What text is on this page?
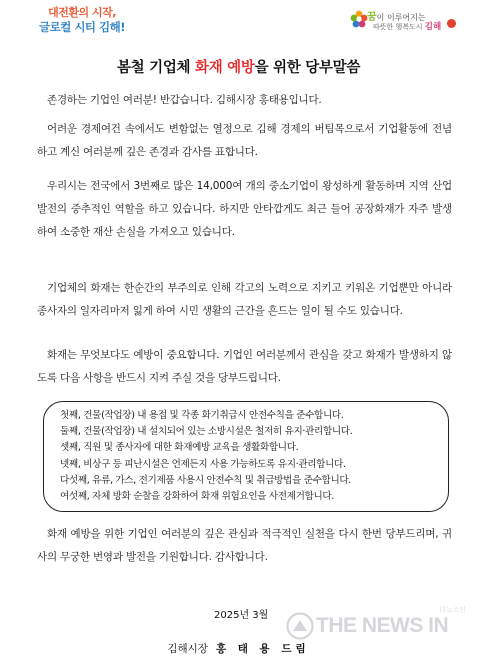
대전환의 시작,
글로컬 시티 김해!
꿈이 이루어지는
따뜻한 행복도시 김해
봄철 기업체 화재 예방을 위한 당부말씀

존경하는 기업인 여러분! 반갑습니다. 김해시장 홍태용입니다.

어려운 경제여건 속에서도 변함없는 열정으로 김해 경제의 버팀목으로서 기업활동에 전념하고 계신 여러분께 깊은 존경과 감사를 표합니다.

우리시는 전국에서 3번째로 많은 14,000여 개의 중소기업이 왕성하게 활동하며 지역 산업발전의 중추적인 역할을 하고 있습니다. 하지만 안타깝게도 최근 들어 공장화재가 자주 발생하여 소중한 재산 손실을 가져오고 있습니다.

기업체의 화재는 한순간의 부주의로 인해 각고의 노력으로 지키고 키워온 기업뿐만 아니라 종사자의 일자리마저 잃게 하여 시민 생활의 근간을 흔드는 일이 될 수도 있습니다.

화재는 무엇보다도 예방이 중요합니다. 기업인 여러분께서 관심을 갖고 화재가 발생하지 않도록 다음 사항을 반드시 지켜 주실 것을 당부드립니다.

첫째, 건물(작업장) 내 용접 및 각종 화기취급시 안전수칙을 준수합니다.
둘째, 건물(작업장) 내 설치되어 있는 소방시설은 철저히 유지·관리합니다.
셋째, 직원 및 종사자에 대한 화재예방 교육을 생활화합니다.
넷째, 비상구 등 피난시설은 언제든지 사용 가능하도록 유지·관리합니다.
다섯째, 유류, 가스, 전기제품 사용시 안전수칙 및 취급방법을 준수합니다.
여섯째, 자체 방화 순찰을 강화하여 화재 위험요인을 사전제거합니다.

화재 예방을 위한 기업인 여러분의 깊은 관심과 적극적인 실천을 다시 한번 당부드리며, 귀 사의 무궁한 번영과 발전을 기원합니다. 감사합니다.

2025년 3월
김해시장 홍 태 용 드림
THE NEWS IN
더뉴스인
